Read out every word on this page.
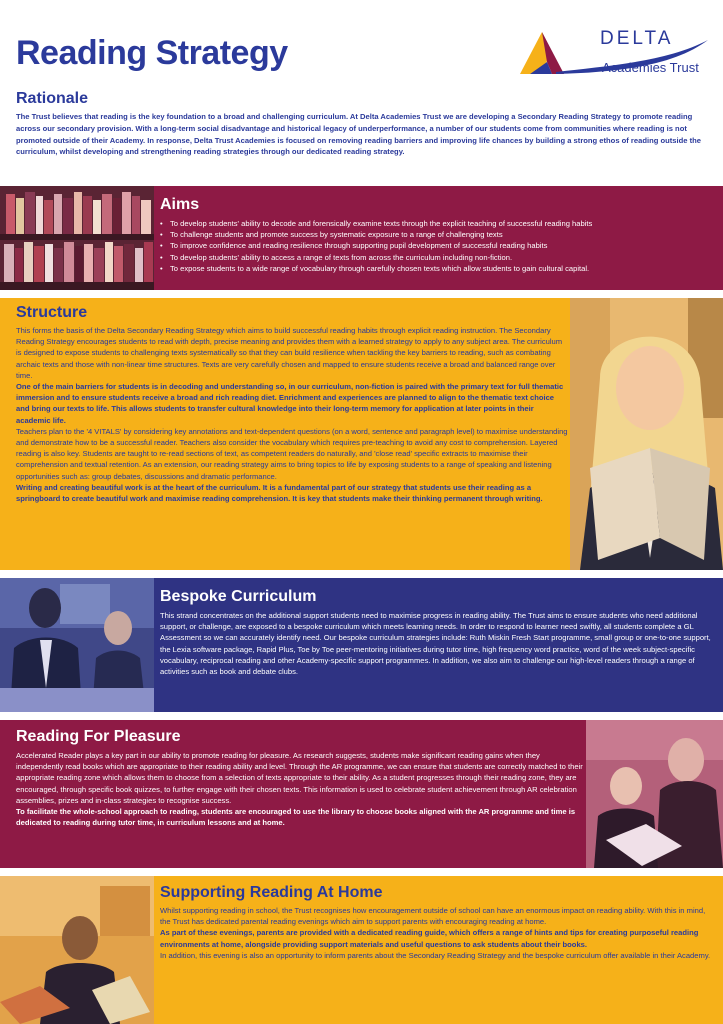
Reading Strategy	DELTA
Academies Trust
Rationale

The Trust believes that reading is the key foundation to a broad and challenging curriculum. At Delta Academies Trust we are developing a Secondary Reading Strategy to promote reading across our secondary provision. With a long-term social disadvantage and historical legacy of underperformance, a number of our students come from communities where reading is not promoted outside of their Academy. In response, Delta Trust Academies is focused on removing reading barriers and improving life chances by building a strong ethos of reading outside the curriculum, whilst developing and strengthening reading strategies through our dedicated reading strategy.

Aims
• To develop students' ability to decode and forensically examine texts through the explicit teaching of successful reading habits
• To challenge students and promote success by systematic exposure to a range of challenging texts
• To improve confidence and reading resilience through supporting pupil development of successful reading habits
• To develop students' ability to access a range of texts from across the curriculum including non-fiction.
• To expose students to a wide range of vocabulary through carefully chosen texts which allow students to gain cultural capital.
Structure

This forms the basis of the Delta Secondary Reading Strategy which aims to build successful reading habits through explicit reading instruction. The Secondary Reading Strategy encourages students to read with depth, precise meaning and provides them with a learned strategy to apply to any subject area. The curriculum is designed to expose students to challenging texts systematically so that they can build resilience when tackling the key barriers to reading, such as combating archaic texts and those with non-linear time structures. Texts are very carefully chosen and mapped to ensure students receive a broad and balanced range over time.

One of the main barriers for students is in decoding and understanding so, in our curriculum, non-fiction is paired with the primary text for full thematic immersion and to ensure students receive a broad and rich reading diet. Enrichment and experiences are planned to align to the thematic text choice and bring our texts to life. This allows students to transfer cultural knowledge into their long-term memory for application at later points in their academic life.

Teachers plan to the '4 VITALS' by considering key annotations and text-dependent questions (on a word, sentence and paragraph level) to maximise understanding and demonstrate how to be a successful reader. Teachers also consider the vocabulary which requires pre-teaching to avoid any cost to comprehension. Layered reading is also key. Students are taught to re-read sections of text, as competent readers do naturally, and 'close read' specific extracts to maximise their comprehension and textual retention. As an extension, our reading strategy aims to bring topics to life by exposing students to a range of speaking and listening opportunities such as: group debates, discussions and dramatic performance.

Writing and creating beautiful work is at the heart of the curriculum. It is a fundamental part of our strategy that students use their reading as a springboard to create beautiful work and maximise reading comprehension. It is key that students make their thinking permanent through writing.

Bespoke Curriculum

This strand concentrates on the additional support students need to maximise progress in reading ability. The Trust aims to ensure students who need additional support, or challenge, are exposed to a bespoke curriculum which meets learning needs. In order to respond to learner need swiftly, all students complete a GL Assessment so we can accurately identify need. Our bespoke curriculum strategies include: Ruth Miskin Fresh Start programme, small group or one-to-one support, the Lexia software package, Rapid Plus, Toe by Toe peer-mentoring initiatives during tutor time, high frequency word practice, word of the week subject-specific vocabulary, reciprocal reading and other Academy-specific support programmes. In addition, we also aim to challenge our high-level readers through a range of activities such as book and debate clubs.

Reading For Pleasure

Accelerated Reader plays a key part in our ability to promote reading for pleasure. As research suggests, students make significant reading gains when they independently read books which are appropriate to their reading ability and level. Through the AR programme, we can ensure that students are correctly matched to their appropriate reading zone which allows them to choose from a selection of texts appropriate to their ability. As a student progresses through their reading zone, they are encouraged, through specific book quizzes, to further engage with their chosen texts. This information is used to celebrate student achievement through AR celebration assemblies, prizes and in-class strategies to recognise success.

To facilitate the whole-school approach to reading, students are encouraged to use the library to choose books aligned with the AR programme and time is dedicated to reading during tutor time, in curriculum lessons and at home.

Supporting Reading At Home

Whilst supporting reading in school, the Trust recognises how encouragement outside of school can have an enormous impact on reading ability. With this in mind, the Trust has dedicated parental reading evenings which aim to support parents with encouraging reading at home.

As part of these evenings, parents are provided with a dedicated reading guide, which offers a range of hints and tips for creating purposeful reading environments at home, alongside providing support materials and useful questions to ask students about their books.

In addition, this evening is also an opportunity to inform parents about the Secondary Reading Strategy and the bespoke curriculum offer available in their Academy.
